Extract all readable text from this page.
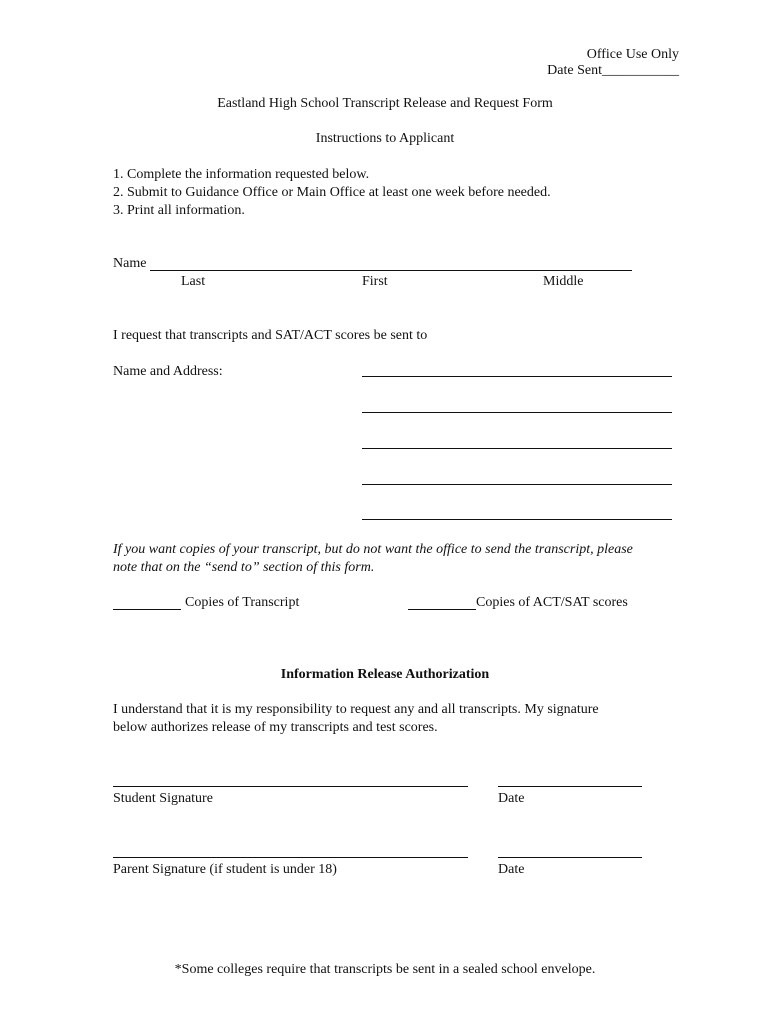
Office Use Only
Date Sent___________
Eastland High School Transcript Release and Request Form
Instructions to Applicant
1. Complete the information requested below.
2. Submit to Guidance Office or Main Office at least one week before needed.
3. Print all information.
Name
Last	First	Middle
I request that transcripts and SAT/ACT scores be sent to
Name and Address:
If you want copies of your transcript, but do not want the office to send the transcript, please
note that on the “send to” section of this form.
Copies of Transcript	Copies of ACT/SAT scores
Information Release Authorization
I understand that it is my responsibility to request any and all transcripts. My signature
below authorizes release of my transcripts and test scores.
Student Signature	Date
Parent Signature (if student is under 18)	Date
*Some colleges require that transcripts be sent in a sealed school envelope.
